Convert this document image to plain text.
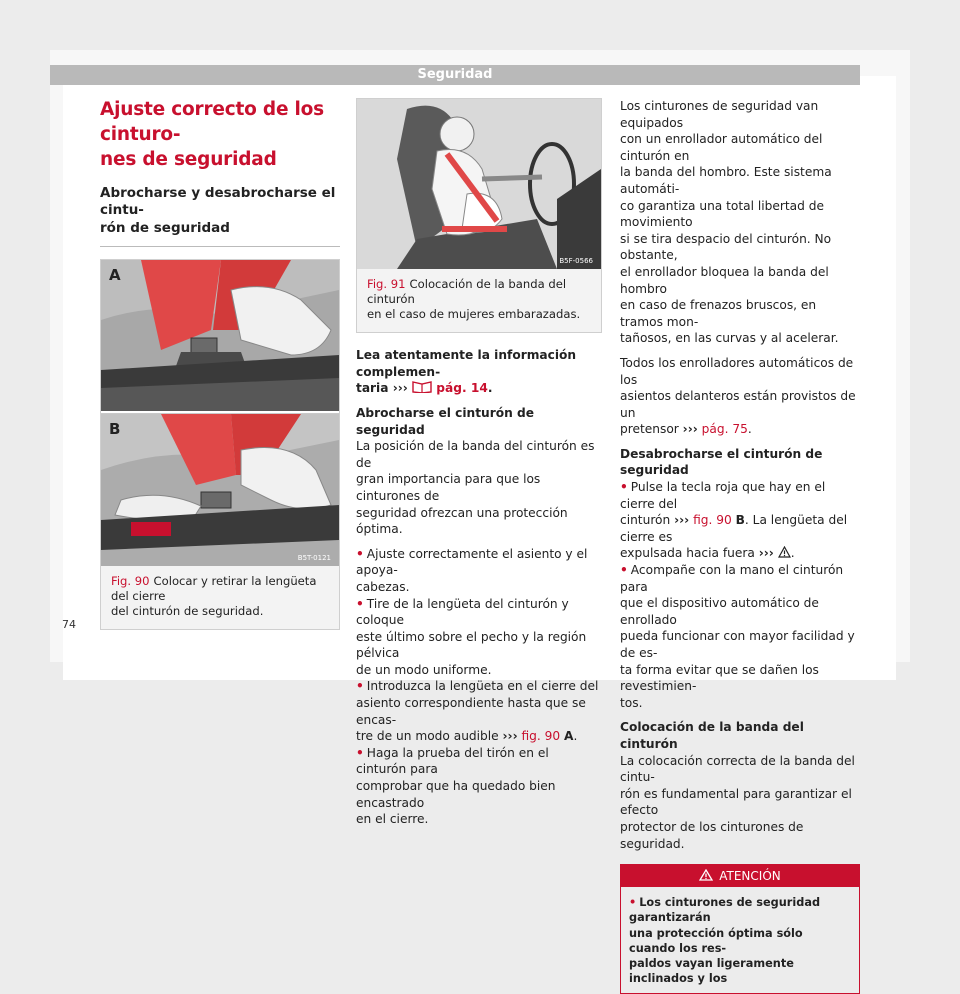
Seguridad
Ajuste correcto de los cinturo-
nes de seguridad
Abrocharse y desabrocharse el cintu-
rón de seguridad
A
B
B5T-0121
Fig. 90 Colocar y retirar la lengüeta del cierre
del cinturón de seguridad.
B5F-0566
Fig. 91 Colocación de la banda del cinturón
en el caso de mujeres embarazadas.
Lea atentamente la información complemen-
taria ››› pág. 14.
Abrocharse el cinturón de seguridad
La posición de la banda del cinturón es de
gran importancia para que los cinturones de
seguridad ofrezcan una protección óptima.
• Ajuste correctamente el asiento y el apoya-
cabezas.
• Tire de la lengüeta del cinturón y coloque
este último sobre el pecho y la región pélvica
de un modo uniforme.
• Introduzca la lengüeta en el cierre del
asiento correspondiente hasta que se encas-
tre de un modo audible ››› fig. 90 A.
• Haga la prueba del tirón en el cinturón para
comprobar que ha quedado bien encastrado
en el cierre.
Los cinturones de seguridad van equipados
con un enrollador automático del cinturón en
la banda del hombro. Este sistema automáti-
co garantiza una total libertad de movimiento
si se tira despacio del cinturón. No obstante,
el enrollador bloquea la banda del hombro
en caso de frenazos bruscos, en tramos mon-
tañosos, en las curvas y al acelerar.
Todos los enrolladores automáticos de los
asientos delanteros están provistos de un
pretensor ››› pág. 75.
Desabrocharse el cinturón de seguridad
• Pulse la tecla roja que hay en el cierre del
cinturón ››› fig. 90 B. La lengüeta del cierre es
expulsada hacia fuera ››› .
• Acompañe con la mano el cinturón para
que el dispositivo automático de enrollado
pueda funcionar con mayor facilidad y de es-
ta forma evitar que se dañen los revestimien-
tos.
Colocación de la banda del cinturón
La colocación correcta de la banda del cintu-
rón es fundamental para garantizar el efecto
protector de los cinturones de seguridad.
ATENCIÓN
• Los cinturones de seguridad garantizarán
una protección óptima sólo cuando los res-
paldos vayan ligeramente inclinados y los
74
